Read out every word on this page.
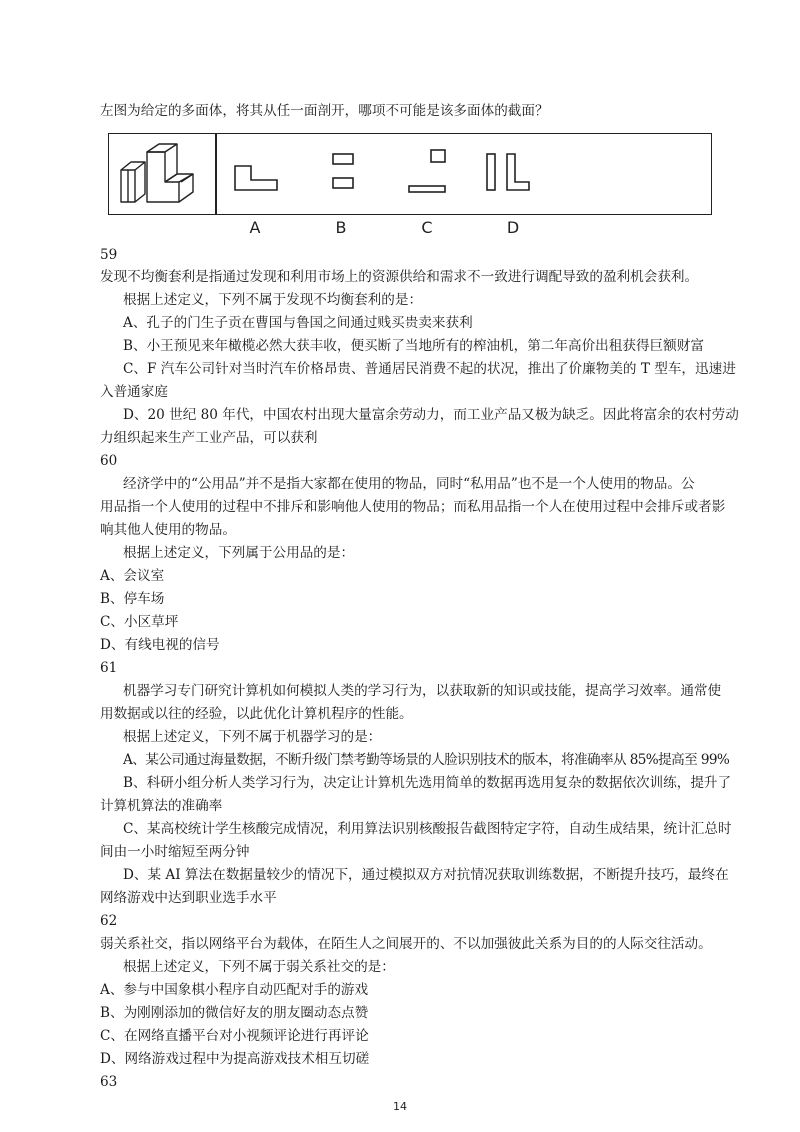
左图为给定的多面体，将其从任一面剖开，哪项不可能是该多面体的截面？
A	B	C	D
59
发现不均衡套利是指通过发现和利用市场上的资源供给和需求不一致进行调配导致的盈利机会获利。
根据上述定义，下列不属于发现不均衡套利的是：
A、孔子的门生子贡在曹国与鲁国之间通过贱买贵卖来获利
B、小王预见来年橄榄必然大获丰收，便买断了当地所有的榨油机，第二年高价出租获得巨额财富
C、F 汽车公司针对当时汽车价格昂贵、普通居民消费不起的状况，推出了价廉物美的 T 型车，迅速进
入普通家庭
D、20 世纪 80 年代，中国农村出现大量富余劳动力，而工业产品又极为缺乏。因此将富余的农村劳动
力组织起来生产工业产品，可以获利
60
经济学中的“公用品”并不是指大家都在使用的物品，同时“私用品”也不是一个人使用的物品。公
用品指一个人使用的过程中不排斥和影响他人使用的物品；而私用品指一个人在使用过程中会排斥或者影
响其他人使用的物品。
根据上述定义，下列属于公用品的是：
A、会议室
B、停车场
C、小区草坪
D、有线电视的信号
61
机器学习专门研究计算机如何模拟人类的学习行为，以获取新的知识或技能，提高学习效率。通常使
用数据或以往的经验，以此优化计算机程序的性能。
根据上述定义，下列不属于机器学习的是：
A、某公司通过海量数据，不断升级门禁考勤等场景的人脸识别技术的版本，将准确率从 85%提高至 99%
B、科研小组分析人类学习行为，决定让计算机先选用简单的数据再选用复杂的数据依次训练，提升了
计算机算法的准确率
C、某高校统计学生核酸完成情况，利用算法识别核酸报告截图特定字符，自动生成结果，统计汇总时
间由一小时缩短至两分钟
D、某 AI 算法在数据量较少的情况下，通过模拟双方对抗情况获取训练数据，不断提升技巧，最终在
网络游戏中达到职业选手水平
62
弱关系社交，指以网络平台为载体，在陌生人之间展开的、不以加强彼此关系为目的的人际交往活动。
根据上述定义，下列不属于弱关系社交的是：
A、参与中国象棋小程序自动匹配对手的游戏
B、为刚刚添加的微信好友的朋友圈动态点赞
C、在网络直播平台对小视频评论进行再评论
D、网络游戏过程中为提高游戏技术相互切磋
63
14
